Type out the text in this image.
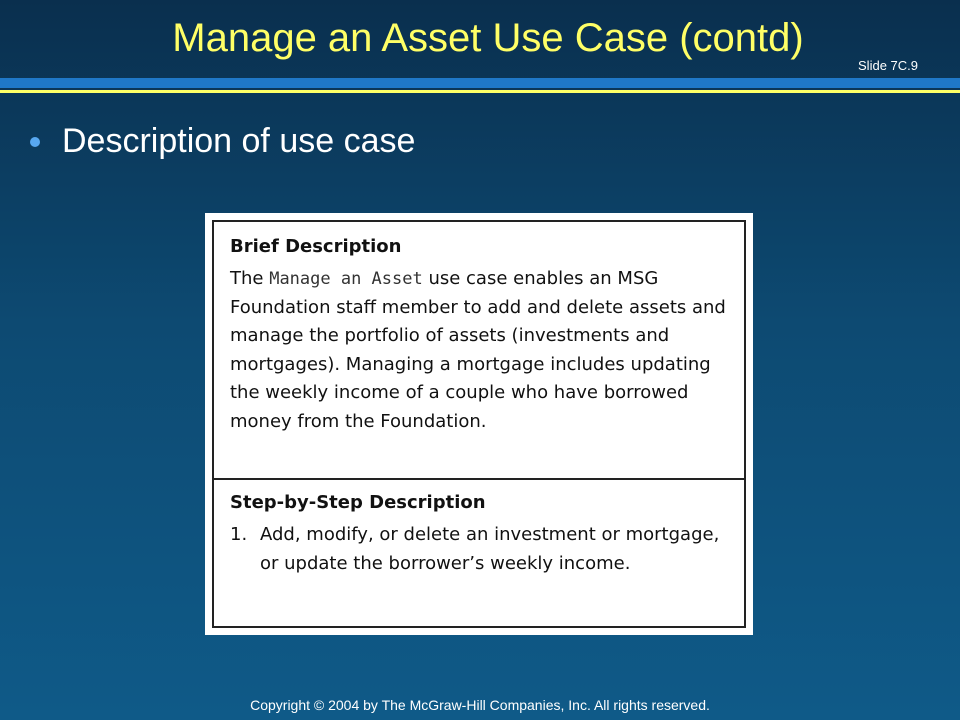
Manage an Asset Use Case (contd)
Slide 7C.9
Description of use case
Brief Description
The Manage an Asset use case enables an MSG Foundation staff member to add and delete assets and manage the portfolio of assets (investments and mortgages). Managing a mortgage includes updating the weekly income of a couple who have borrowed money from the Foundation.
Step-by-Step Description
1. Add, modify, or delete an investment or mortgage, or update the borrower’s weekly income.
Copyright © 2004 by The McGraw-Hill Companies, Inc. All rights reserved.
